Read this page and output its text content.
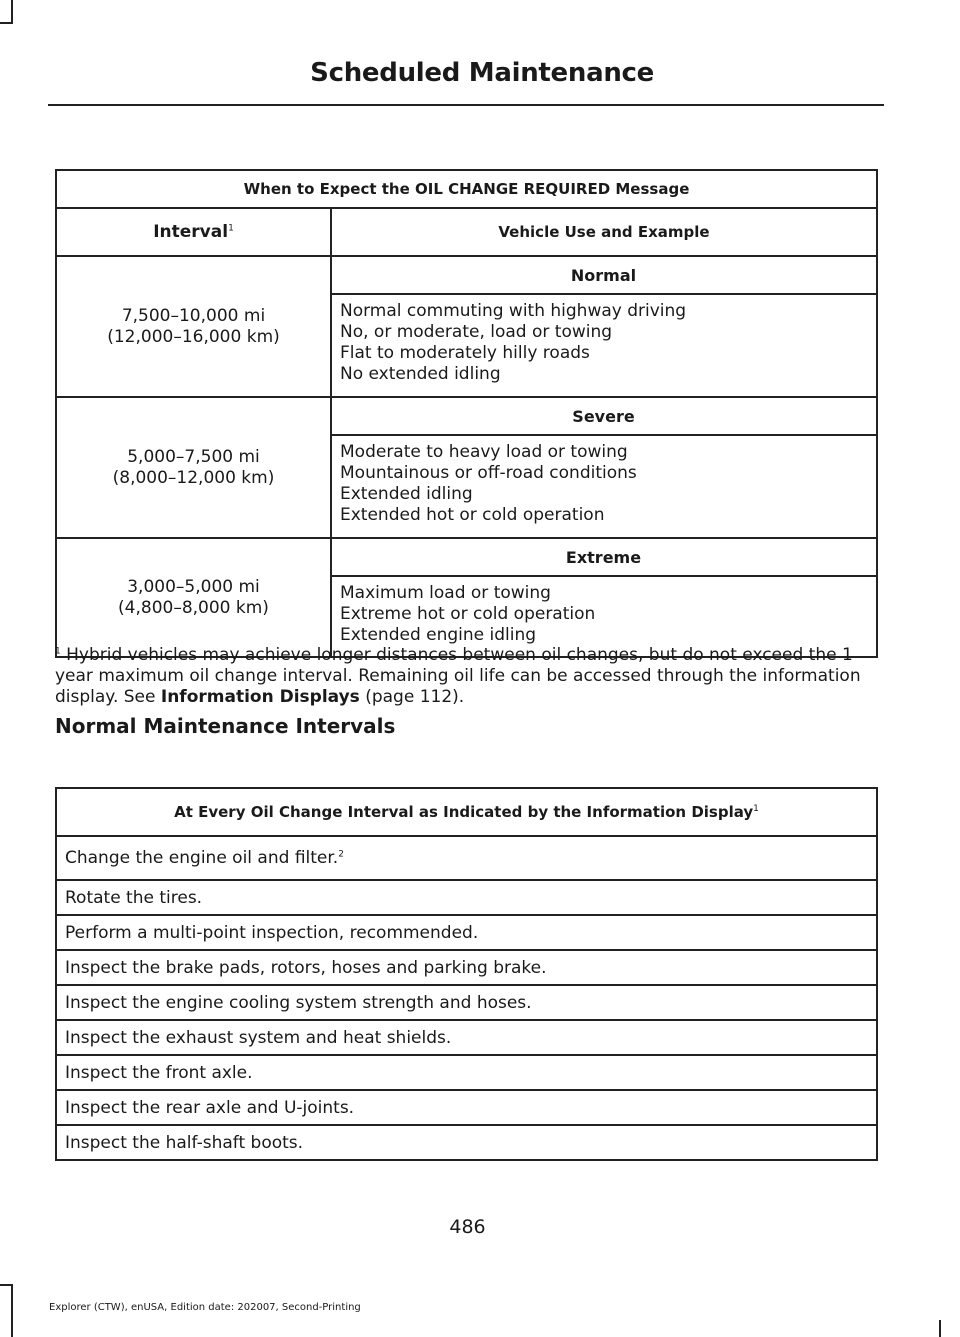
Scheduled Maintenance
When to Expect the OIL CHANGE REQUIRED Message	
Interval$^1$	Vehicle Use and Example

7,500–10,000 mi
(12,000–16,000 km)	Normal

	Normal commuting with highway driving
No, or moderate, load or towing
Flat to moderately hilly roads
No extended idling

5,000–7,500 mi
(8,000–12,000 km)	Severe

	Moderate to heavy load or towing
Mountainous or off-road conditions
Extended idling
Extended hot or cold operation

3,000–5,000 mi
(4,800–8,000 km)	Extreme

	Maximum load or towing
Extreme hot or cold operation
Extended engine idling
$^1$ Hybrid vehicles may achieve longer distances between oil changes, but do not exceed the 1 year maximum oil change interval. Remaining oil life can be accessed through the information display. See Information Displays (page 112).
Normal Maintenance Intervals
At Every Oil Change Interval as Indicated by the Information Display$^1$
Change the engine oil and filter.$^2$
Rotate the tires.
Perform a multi-point inspection, recommended.
Inspect the brake pads, rotors, hoses and parking brake.
Inspect the engine cooling system strength and hoses.
Inspect the exhaust system and heat shields.
Inspect the front axle.
Inspect the rear axle and U-joints.
Inspect the half-shaft boots.
486
Explorer (CTW), enUSA, Edition date: 202007, Second-Printing
